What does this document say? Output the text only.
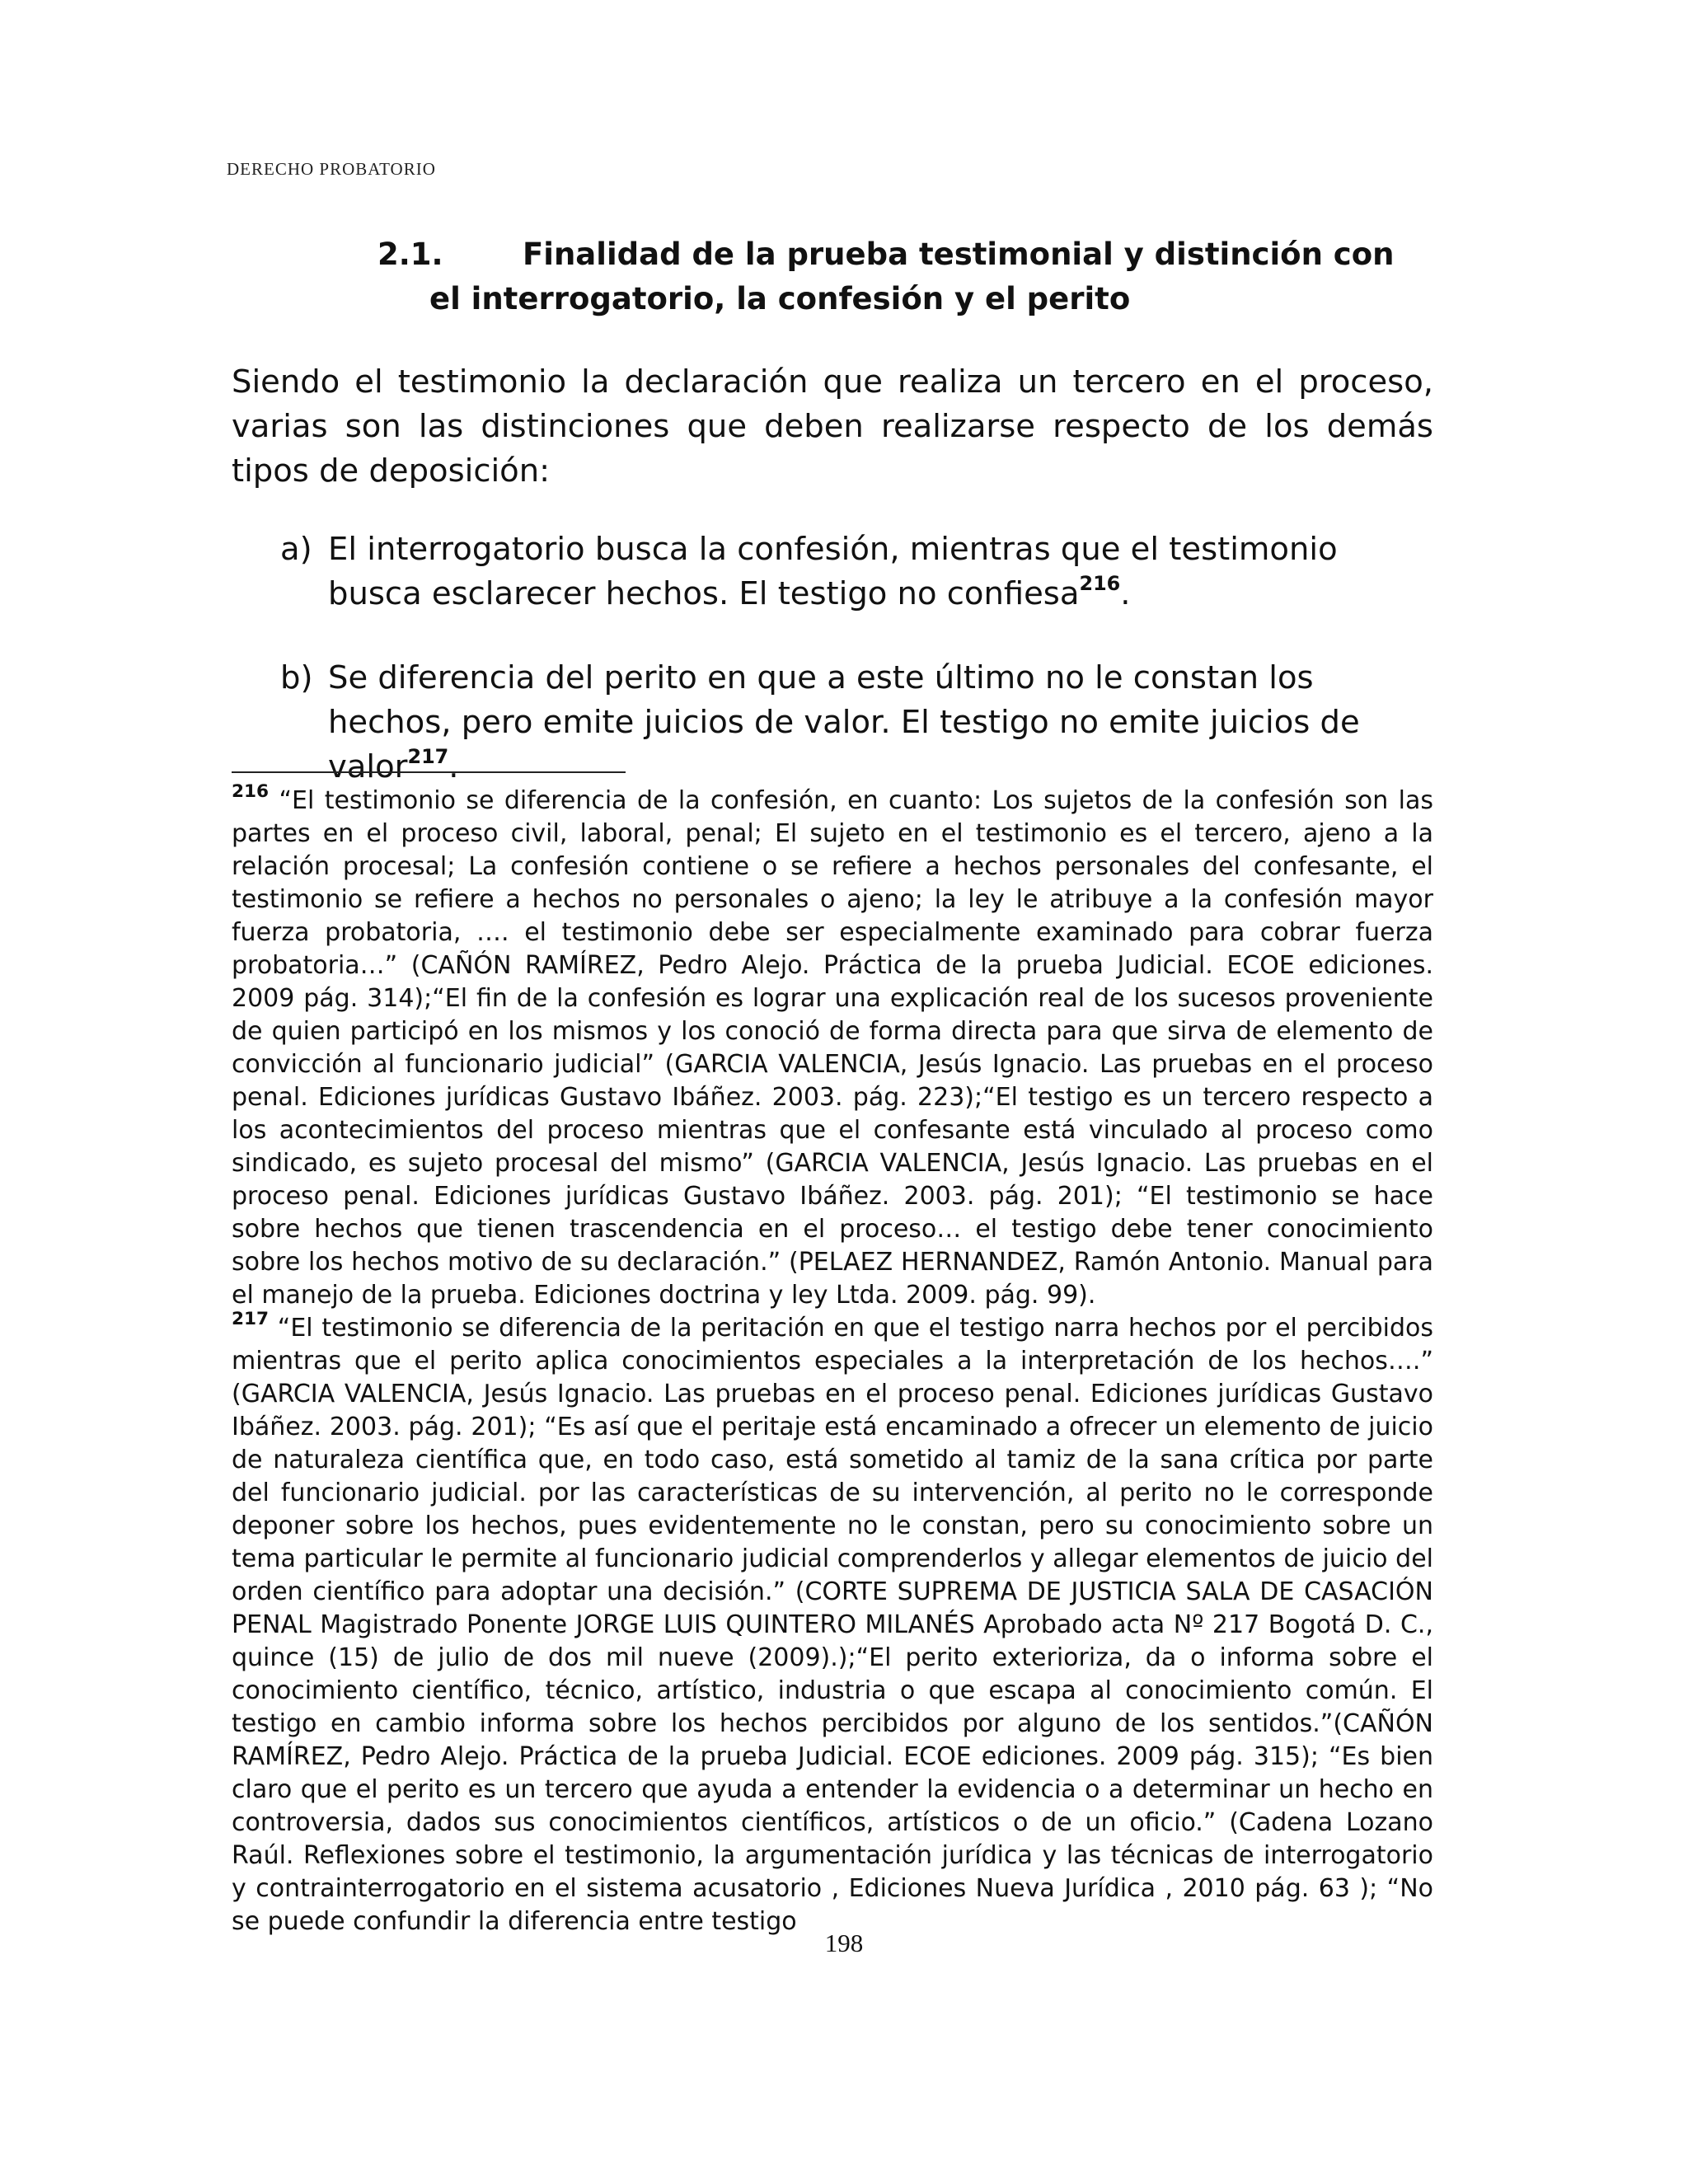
DERECHO PROBATORIO
2.1.	Finalidad de la prueba testimonial y distinción con
el interrogatorio, la confesión y el perito
Siendo el testimonio la declaración que realiza un tercero en el proceso, varias son las distinciones que deben realizarse respecto de los demás tipos de deposición:
a) El interrogatorio busca la confesión, mientras que el testimonio busca esclarecer hechos. El testigo no confiesa$^{216}$.
b) Se diferencia del perito en que a este último no le constan los hechos, pero emite juicios de valor. El testigo no emite juicios de valor$^{217}$.
$^{216}$ “El testimonio se diferencia de la confesión, en cuanto: Los sujetos de la confesión son las partes en el proceso civil, laboral, penal; El sujeto en el testimonio es el tercero, ajeno a la relación procesal; La confesión contiene o se refiere a hechos personales del confesante, el testimonio se refiere a hechos no personales o ajeno; la ley le atribuye a la confesión mayor fuerza probatoria, …. el testimonio debe ser especialmente examinado para cobrar fuerza probatoria…” (CAÑÓN RAMÍREZ, Pedro Alejo. Práctica de la prueba Judicial. ECOE ediciones. 2009 pág. 314);“El fin de la confesión es lograr una explicación real de los sucesos proveniente de quien participó en los mismos y los conoció de forma directa para que sirva de elemento de convicción al funcionario judicial” (GARCIA VALENCIA, Jesús Ignacio. Las pruebas en el proceso penal. Ediciones jurídicas Gustavo Ibáñez. 2003. pág. 223);“El testigo es un tercero respecto a los acontecimientos del proceso mientras que el confesante está vinculado al proceso como sindicado, es sujeto procesal del mismo” (GARCIA VALENCIA, Jesús Ignacio. Las pruebas en el proceso penal. Ediciones jurídicas Gustavo Ibáñez. 2003. pág. 201); “El testimonio se hace sobre hechos que tienen trascendencia en el proceso… el testigo debe tener conocimiento sobre los hechos motivo de su declaración.” (PELAEZ HERNANDEZ, Ramón Antonio. Manual para el manejo de la prueba. Ediciones doctrina y ley Ltda. 2009. pág. 99).
$^{217}$ “El testimonio se diferencia de la peritación en que el testigo narra hechos por el percibidos mientras que el perito aplica conocimientos especiales a la interpretación de los hechos….” (GARCIA VALENCIA, Jesús Ignacio. Las pruebas en el proceso penal. Ediciones jurídicas Gustavo Ibáñez. 2003. pág. 201); “Es así que el peritaje está encaminado a ofrecer un elemento de juicio de naturaleza científica que, en todo caso, está sometido al tamiz de la sana crítica por parte del funcionario judicial. por las características de su intervención, al perito no le corresponde deponer sobre los hechos, pues evidentemente no le constan, pero su conocimiento sobre un tema particular le permite al funcionario judicial comprenderlos y allegar elementos de juicio del orden científico para adoptar una decisión.” (CORTE SUPREMA DE JUSTICIA SALA DE CASACIÓN PENAL Magistrado Ponente JORGE LUIS QUINTERO MILANÉS Aprobado acta Nº 217 Bogotá D. C., quince (15) de julio de dos mil nueve (2009).);“El perito exterioriza, da o informa sobre el conocimiento científico, técnico, artístico, industria o que escapa al conocimiento común. El testigo en cambio informa sobre los hechos percibidos por alguno de los sentidos.”(CAÑÓN RAMÍREZ, Pedro Alejo. Práctica de la prueba Judicial. ECOE ediciones. 2009 pág. 315); “Es bien claro que el perito es un tercero que ayuda a entender la evidencia o a determinar un hecho en controversia, dados sus conocimientos científicos, artísticos o de un oficio.” (Cadena Lozano Raúl. Reflexiones sobre el testimonio, la argumentación jurídica y las técnicas de interrogatorio y contrainterrogatorio en el sistema acusatorio , Ediciones Nueva Jurídica , 2010 pág. 63 ); “No se puede confundir la diferencia entre testigo
198
